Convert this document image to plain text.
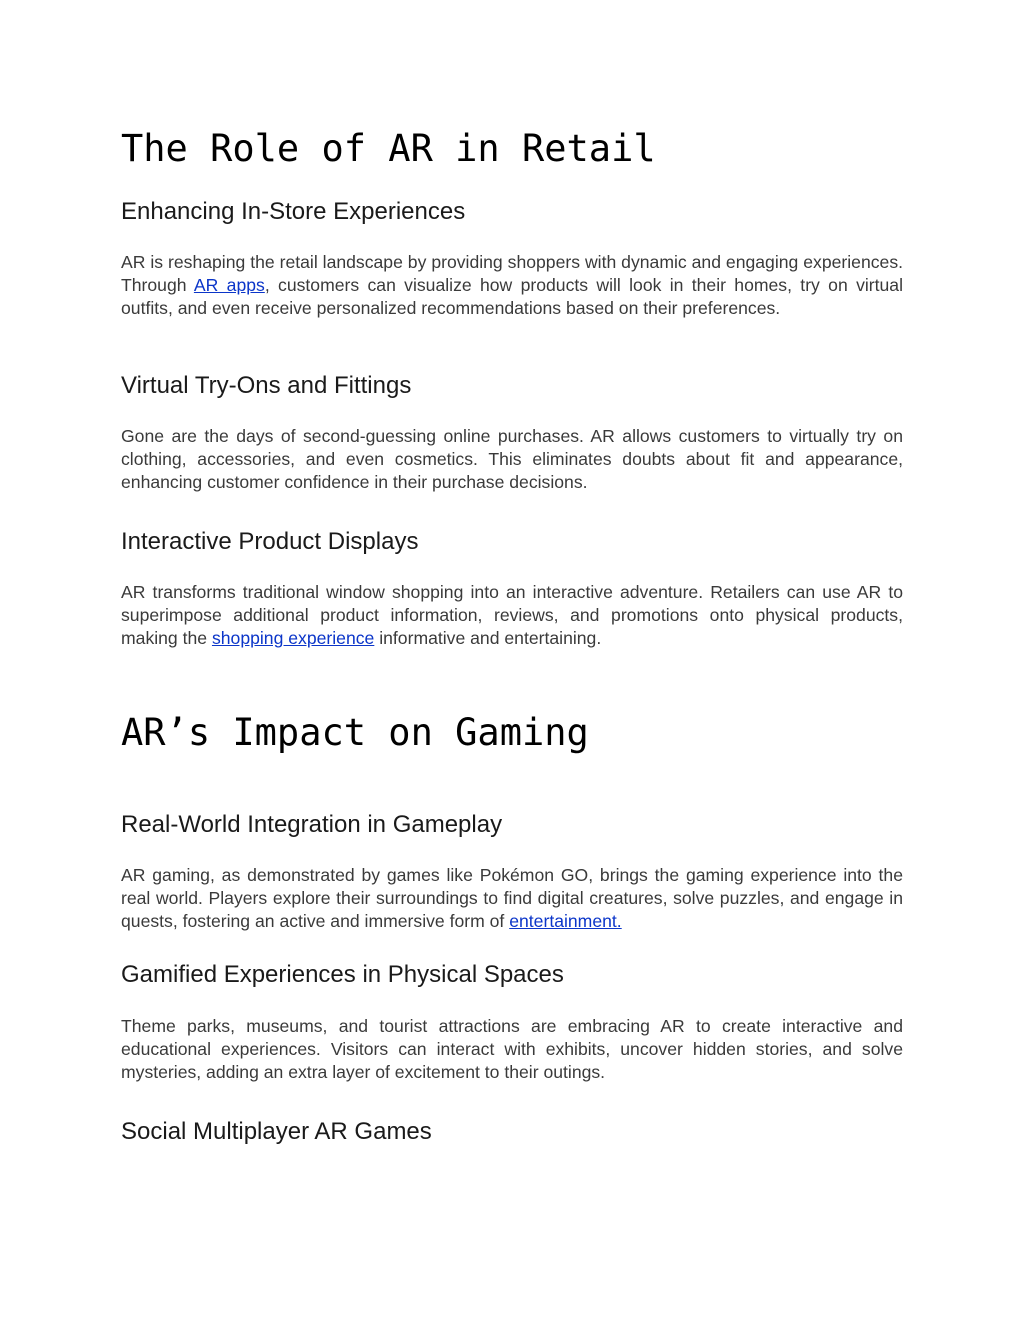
The Role of AR in Retail
Enhancing In-Store Experiences

AR is reshaping the retail landscape by providing shoppers with dynamic and engaging experiences. Through AR apps, customers can visualize how products will look in their homes, try on virtual outfits, and even receive personalized recommendations based on their preferences.

Virtual Try-Ons and Fittings

Gone are the days of second-guessing online purchases. AR allows customers to virtually try on clothing, accessories, and even cosmetics. This eliminates doubts about fit and appearance, enhancing customer confidence in their purchase decisions.

Interactive Product Displays

AR transforms traditional window shopping into an interactive adventure. Retailers can use AR to superimpose additional product information, reviews, and promotions onto physical products, making the shopping experience informative and entertaining.

AR’s Impact on Gaming
Real-World Integration in Gameplay

AR gaming, as demonstrated by games like Pokémon GO, brings the gaming experience into the real world. Players explore their surroundings to find digital creatures, solve puzzles, and engage in quests, fostering an active and immersive form of entertainment.

Gamified Experiences in Physical Spaces

Theme parks, museums, and tourist attractions are embracing AR to create interactive and educational experiences. Visitors can interact with exhibits, uncover hidden stories, and solve mysteries, adding an extra layer of excitement to their outings.

Social Multiplayer AR Games
